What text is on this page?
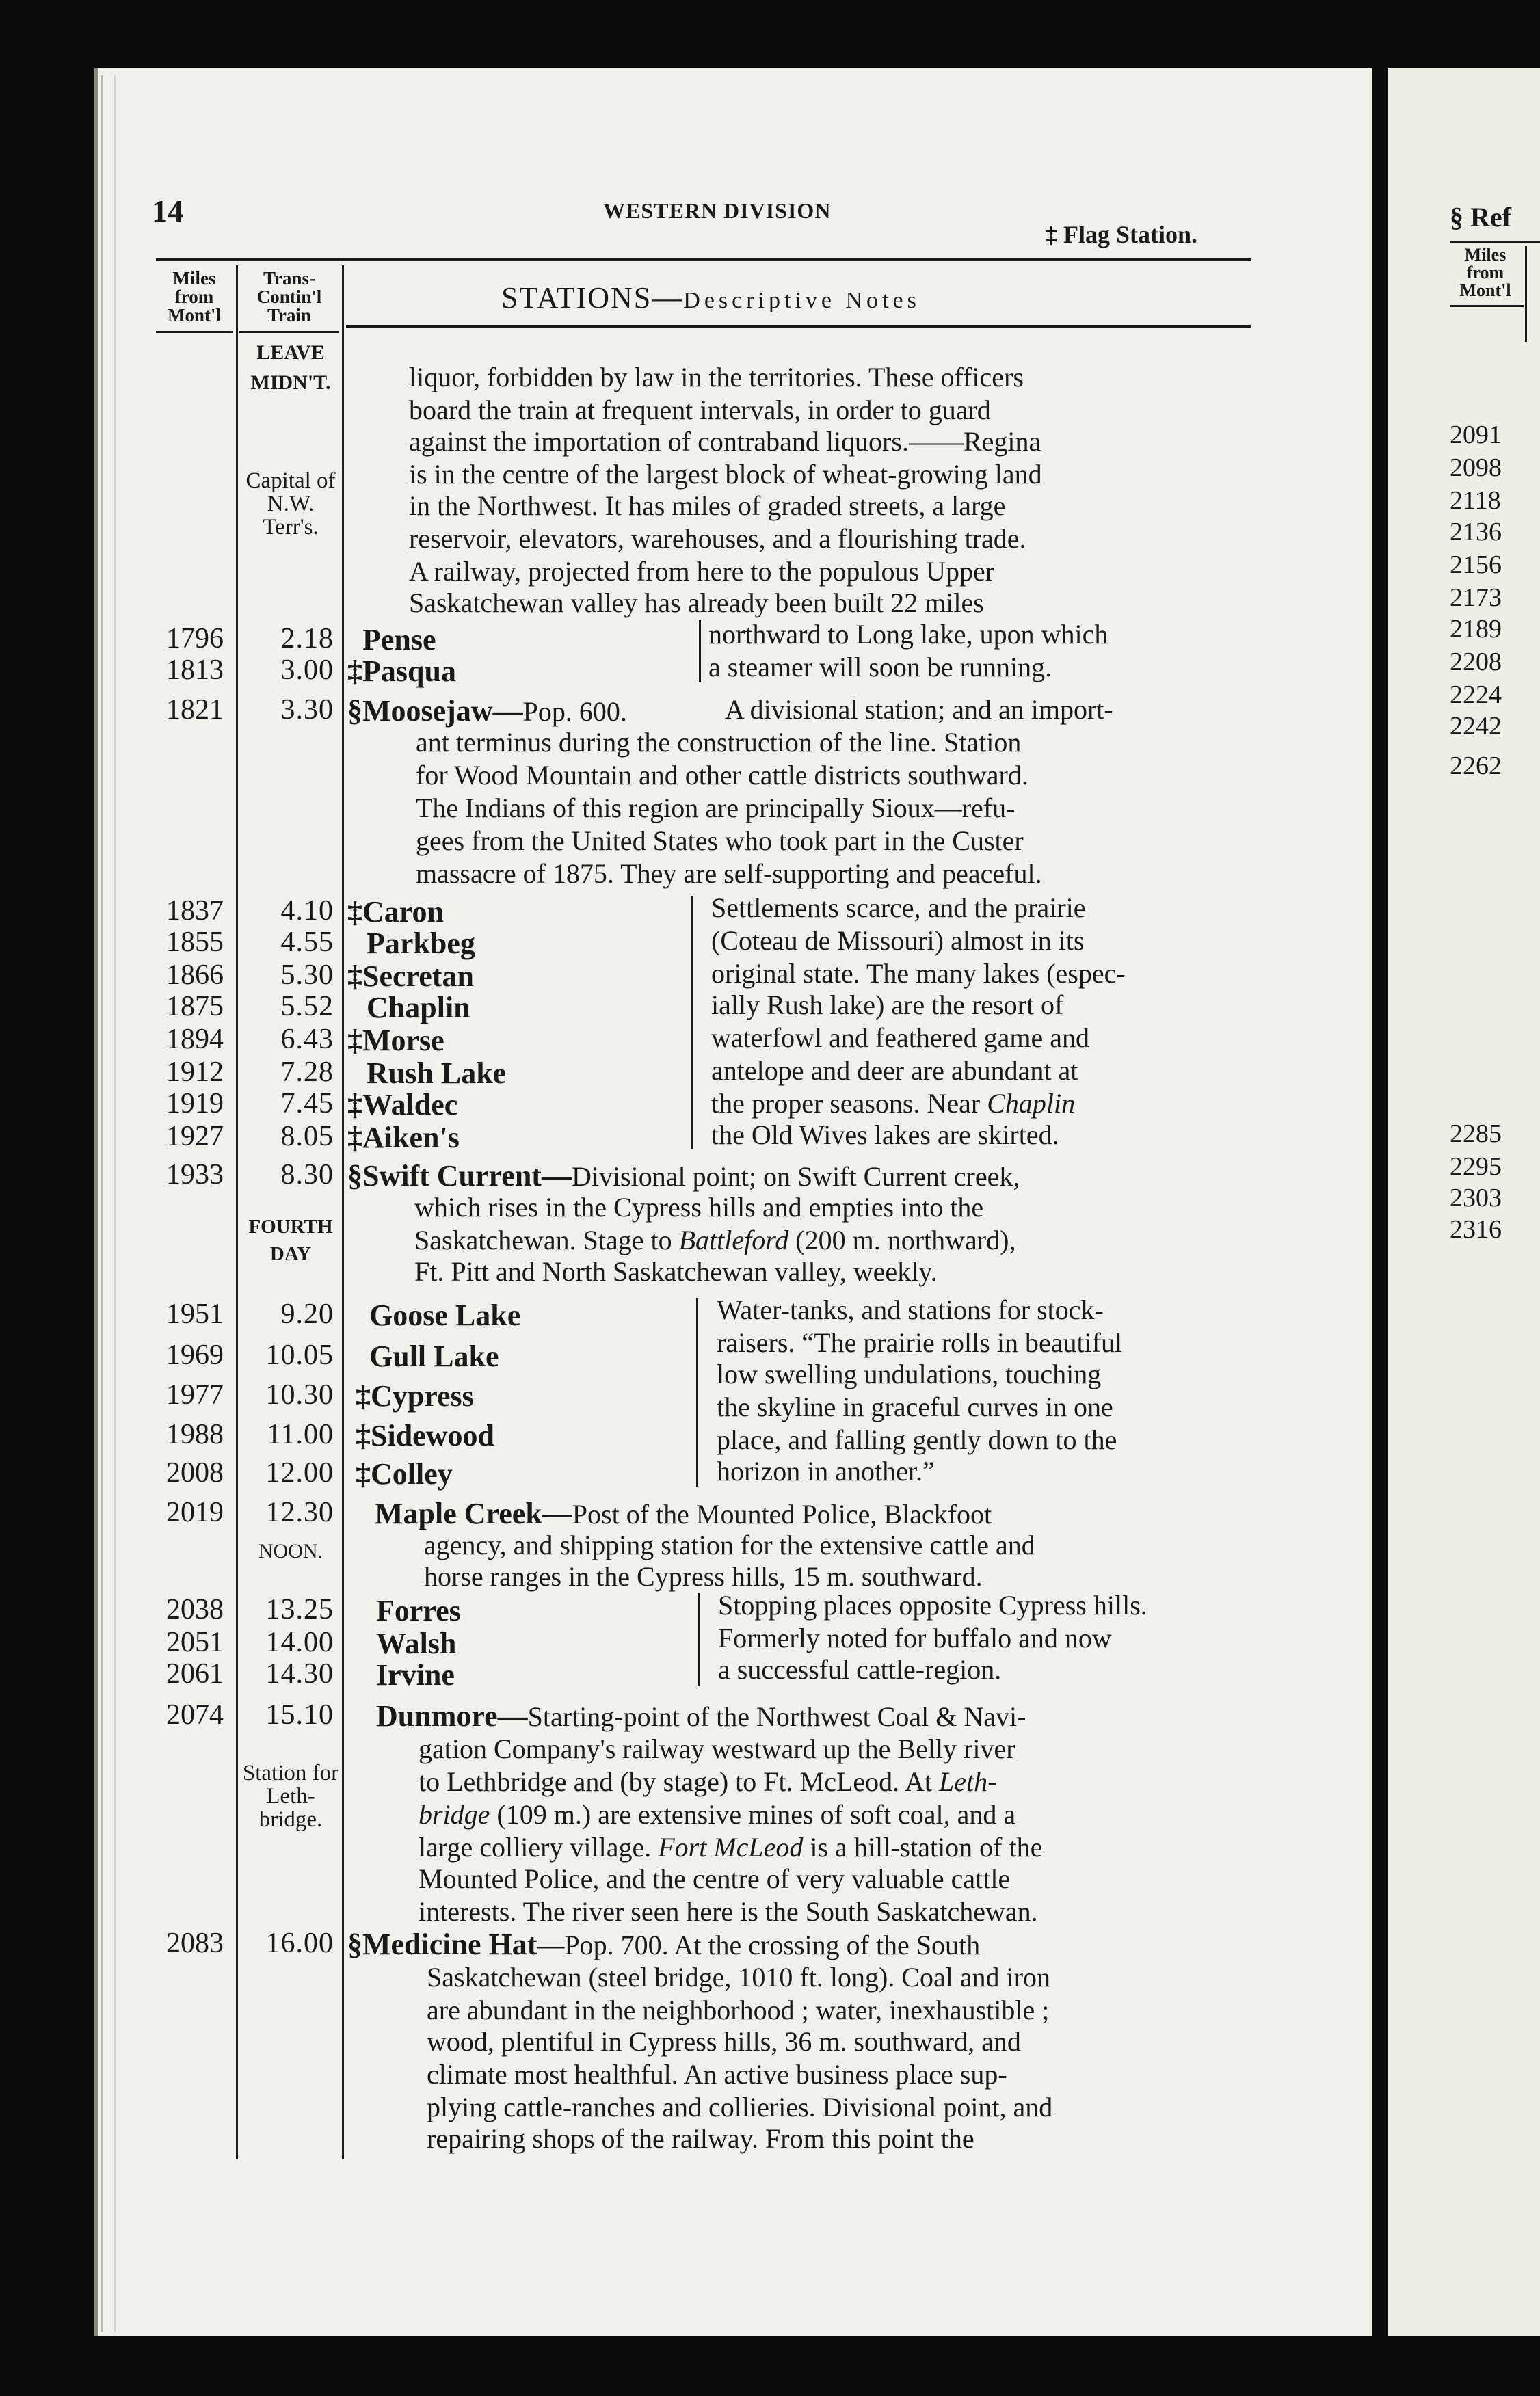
14	WESTERN DIVISION
‡ Flag Station.
Miles from Mont'l
Trans-Contin'l Train
STATIONS—Descriptive Notes
LEAVE MIDN'T.
Capital of N.W. Terr's.
FOURTH DAY
NOON.
Station for Leth-bridge.
liquor, forbidden by law in the territories. These officers
board the train at frequent intervals, in order to guard
against the importation of contraband liquors.——Regina
is in the centre of the largest block of wheat-growing land
in the Northwest. It has miles of graded streets, a large
reservoir, elevators, warehouses, and a flourishing trade.
A railway, projected from here to the populous Upper
Saskatchewan valley has already been built 22 miles
1796 2.18 Pense
1813 3.00 ‡Pasqua
1821 3.30 §Moosejaw—Pop. 600.
1837 4.10 ‡Caron
1855 4.55 Parkbeg
1866 5.30 ‡Secretan
1875 5.52 Chaplin
1894 6.43 ‡Morse
1912 7.28 Rush Lake
1919 7.45 ‡Waldec
1927 8.05 ‡Aiken's
1933 8.30 §Swift Current—Divisional point; on Swift Current creek,
1951 9.20 Goose Lake
1969 10.05 Gull Lake
1977 10.30 ‡Cypress
1988 11.00 ‡Sidewood
2008 12.00 ‡Colley
2019 12.30 Maple Creek—Post of the Mounted Police, Blackfoot
2038 13.25 Forres
2051 14.00 Walsh
2061 14.30 Irvine
2074 15.10 Dunmore—Starting-point of the Northwest Coal & Navi-
2083 16.00 §Medicine Hat—Pop. 700. At the crossing of the South
northward to Long lake, upon which
a steamer will soon be running.
A divisional station; and an import-
ant terminus during the construction of the line. Station
for Wood Mountain and other cattle districts southward.
The Indians of this region are principally Sioux—refu-
gees from the United States who took part in the Custer
massacre of 1875. They are self-supporting and peaceful.
Settlements scarce, and the prairie
(Coteau de Missouri) almost in its
original state. The many lakes (espec-
ially Rush lake) are the resort of
waterfowl and feathered game and
antelope and deer are abundant at
the proper seasons. Near Chaplin
the Old Wives lakes are skirted.
which rises in the Cypress hills and empties into the
Saskatchewan. Stage to Battleford (200 m. northward),
Ft. Pitt and North Saskatchewan valley, weekly.
Water-tanks, and stations for stock-
raisers. “The prairie rolls in beautiful
low swelling undulations, touching
the skyline in graceful curves in one
place, and falling gently down to the
horizon in another.”
agency, and shipping station for the extensive cattle and
horse ranges in the Cypress hills, 15 m. southward.
Stopping places opposite Cypress hills.
Formerly noted for buffalo and now
a successful cattle-region.
gation Company's railway westward up the Belly river
to Lethbridge and (by stage) to Ft. McLeod. At Leth-
bridge (109 m.) are extensive mines of soft coal, and a
large colliery village. Fort McLeod is a hill-station of the
Mounted Police, and the centre of very valuable cattle
interests. The river seen here is the South Saskatchewan.
Saskatchewan (steel bridge, 1010 ft. long). Coal and iron
are abundant in the neighborhood ; water, inexhaustible ;
wood, plentiful in Cypress hills, 36 m. southward, and
climate most healthful. An active business place sup-
plying cattle-ranches and collieries. Divisional point, and
repairing shops of the railway. From this point the
§ Ref
Miles from Mont'l
2091
2098
2118
2136
2156
2173
2189
2208
2224
2242
2262
2285
2295
2303
2316
